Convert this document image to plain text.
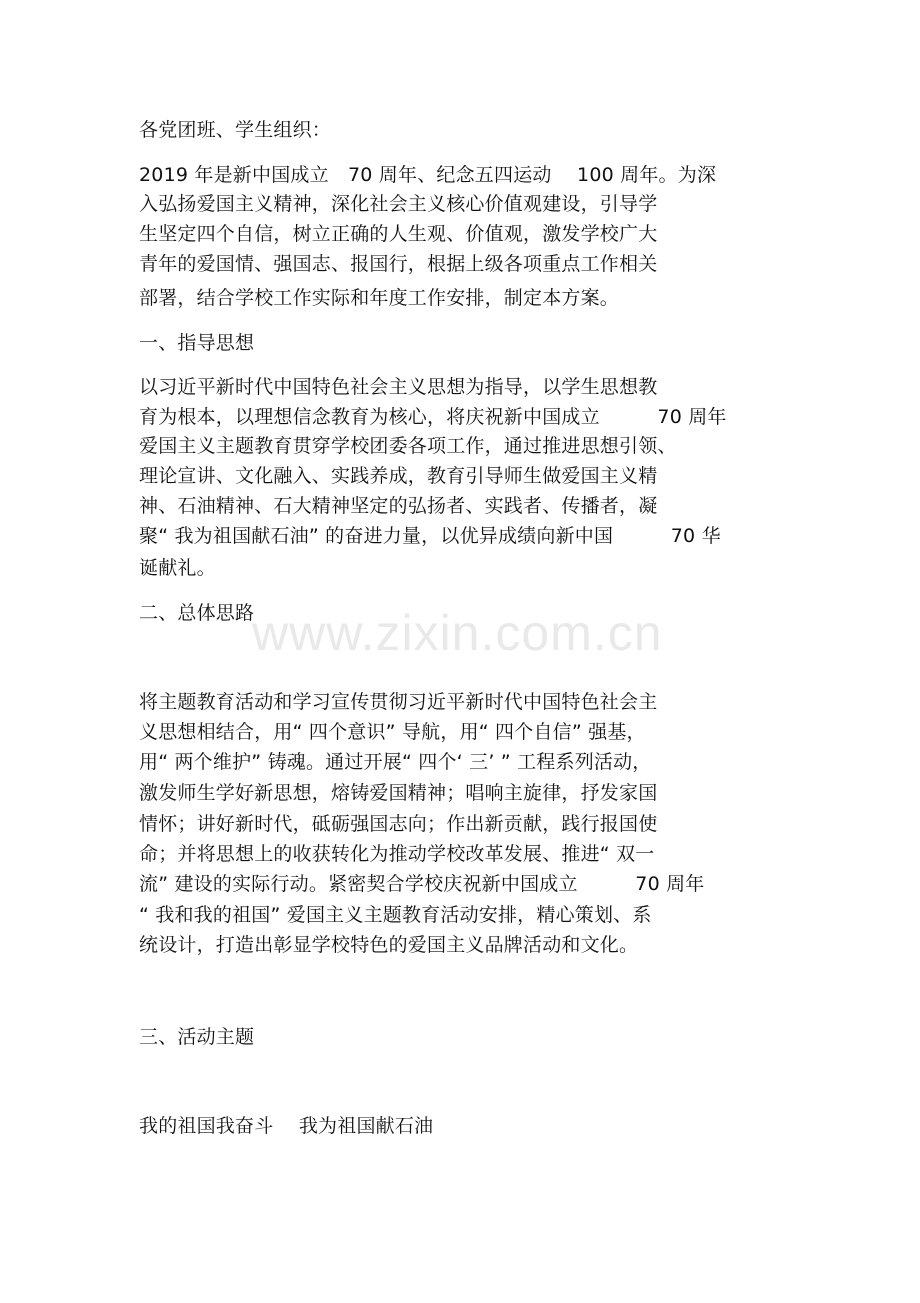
各党团班、学生组织：
2019 年是新中国成立　70 周年、纪念五四运动　 100 周年。为深
入弘扬爱国主义精神，深化社会主义核心价值观建设，引导学
生坚定四个自信，树立正确的人生观、价值观，激发学校广大
青年的爱国情、强国志、报国行，根据上级各项重点工作相关
部署，结合学校工作实际和年度工作安排，制定本方案。
一、指导思想
以习近平新时代中国特色社会主义思想为指导，以学生思想教
育为根本，以理想信念教育为核心，将庆祝新中国成立　　　70 周年
爱国主义主题教育贯穿学校团委各项工作，通过推进思想引领、
理论宣讲、文化融入、实践养成，教育引导师生做爱国主义精
神、石油精神、石大精神坚定的弘扬者、实践者、传播者，凝
聚“ 我为祖国献石油” 的奋进力量，以优异成绩向新中国　　　70 华
诞献礼。
二、总体思路
www.zixin.com.cn
将主题教育活动和学习宣传贯彻习近平新时代中国特色社会主
义思想相结合，用“ 四个意识” 导航，用“ 四个自信” 强基，
用“ 两个维护” 铸魂。通过开展“ 四个‘ 三’ ” 工程系列活动，
激发师生学好新思想，熔铸爱国精神；唱响主旋律，抒发家国
情怀；讲好新时代，砥砺强国志向；作出新贡献，践行报国使
命；并将思想上的收获转化为推动学校改革发展、推进“ 双一
流” 建设的实际行动。紧密契合学校庆祝新中国成立　　　70 周年
“ 我和我的祖国” 爱国主义主题教育活动安排，精心策划、系
统设计，打造出彰显学校特色的爱国主义品牌活动和文化。
三、活动主题
我的祖国我奋斗　 我为祖国献石油
